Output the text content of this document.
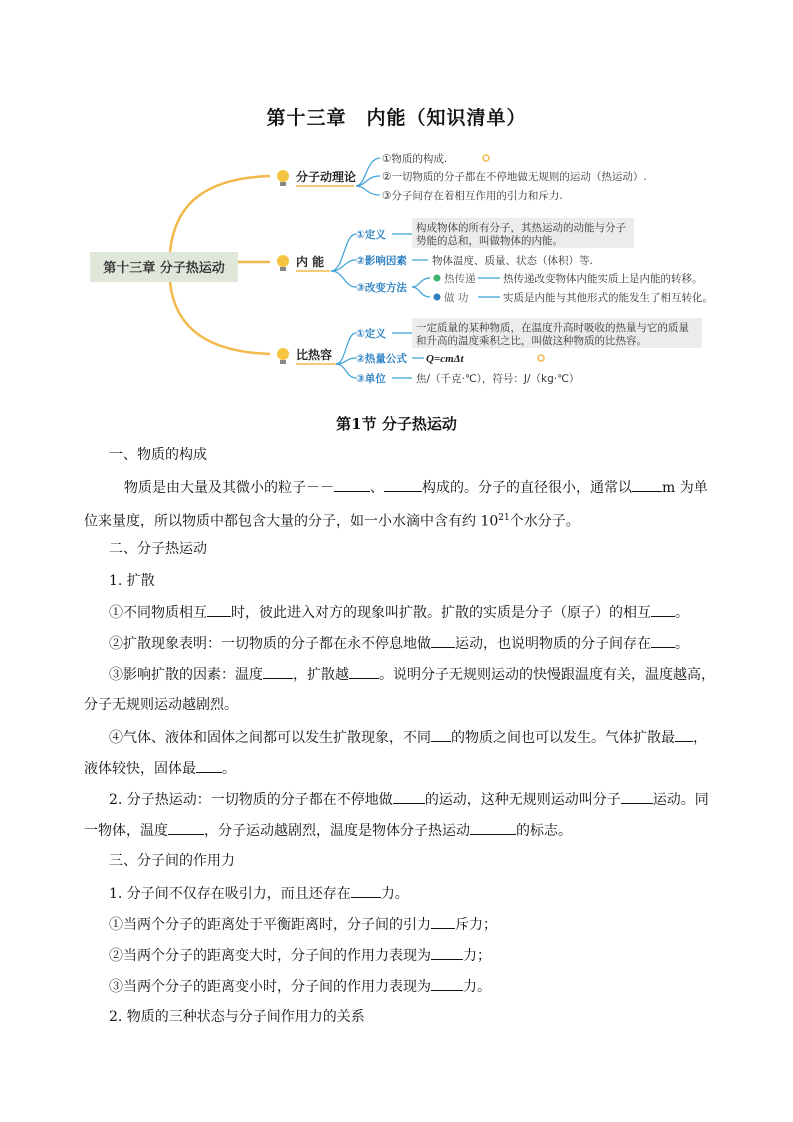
第十三章　内能（知识清单）
第十三章 分子热运动
分子动理论
内 能
比热容
①物质的构成.
②一切物质的分子都在不停地做无规则的运动（热运动）.
③分子间存在着相互作用的引力和斥力.
①定义
构成物体的所有分子，其热运动的动能与分子
势能的总和，叫做物体的内能。
②影响因素 物体温度、质量、状态（体积）等.
③改变方法
热传递	热传递改变物体内能实质上是内能的转移。
做 功	实质是内能与其他形式的能发生了相互转化。
①定义	一定质量的某种物质，在温度升高时吸收的热量与它的质量
和升高的温度乘积之比，叫做这种物质的比热容。
②热量公式 Q=cmΔt
③单位	焦/（千克·℃），符号：J/（kg·℃）
第1节 分子热运动
一、物质的构成
物质是由大量及其微小的粒子－－	、	构成的。分子的直径很小，通常以 m 为单
位来量度，所以物质中都包含大量的分子，如一小水滴中含有约 $10^{21}$个水分子。
二、分子热运动
1. 扩散
①不同物质相互 时，彼此进入对方的现象叫扩散。扩散的实质是分子（原子）的相互 。
②扩散现象表明：一切物质的分子都在永不停息地做 运动，也说明物质的分子间存在 。
③影响扩散的因素：温度 ，扩散越 。说明分子无规则运动的快慢跟温度有关，温度越高，
分子无规则运动越剧烈。
④气体、液体和固体之间都可以发生扩散现象，不同 的物质之间也可以发生。气体扩散最 ，
液体较快，固体最 。
2. 分子热运动：一切物质的分子都在不停地做 的运动，这种无规则运动叫分子 运动。同
一物体，温度	，分子运动越剧烈，温度是物体分子热运动	的标志。
三、分子间的作用力
1. 分子间不仅存在吸引力，而且还存在 力。
①当两个分子的距离处于平衡距离时，分子间的引力 斥力；
②当两个分子的距离变大时，分子间的作用力表现为 力；
③当两个分子的距离变小时，分子间的作用力表现为 力。
2. 物质的三种状态与分子间作用力的关系
